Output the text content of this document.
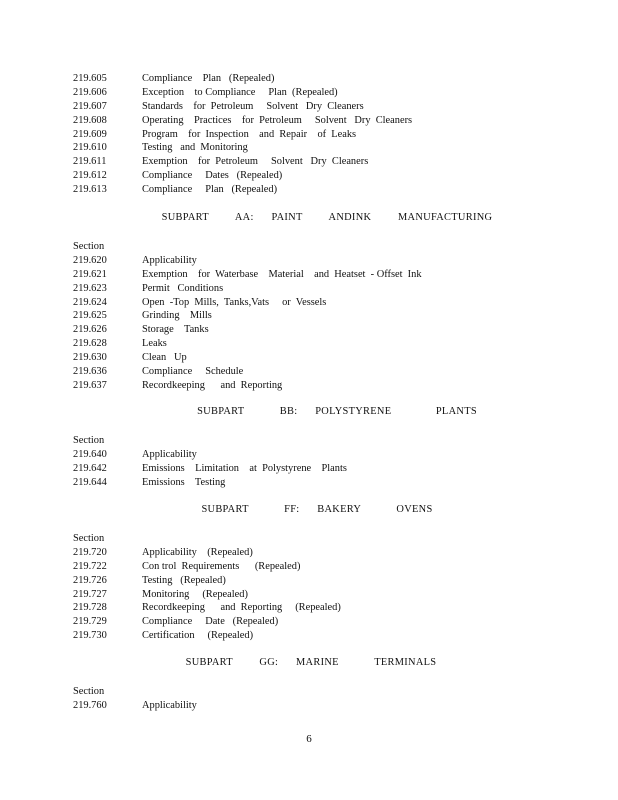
219.605	Compliance    Plan   (Repealed)
219.606	Exception    to Compliance     Plan  (Repealed)
219.607	Standards    for  Petroleum     Solvent   Dry  Cleaners
219.608	Operating    Practices    for  Petroleum     Solvent   Dry  Cleaners
219.609	Program    for  Inspection    and  Repair    of  Leaks
219.610	Testing   and  Monitoring
219.611	Exemption    for  Petroleum     Solvent   Dry  Cleaners
219.612	Compliance     Dates   (Repealed)
219.613	Compliance     Plan   (Repealed)
SUBPART   AA:  PAINT   ANDINK   MANUFACTURING
Section
219.620	Applicability
219.621	Exemption    for  Waterbase    Material    and  Heatset  - Offset  Ink
219.623	Permit   Conditions
219.624	Open  -Top  Mills,  Tanks,Vats     or  Vessels
219.625	Grinding    Mills
219.626	Storage    Tanks
219.628	Leaks
219.630	Clean   Up
219.636	Compliance     Schedule
219.637	Recordkeeping      and  Reporting
SUBPART    BB:  POLYSTYRENE     PLANTS
Section
219.640	Applicability
219.642	Emissions    Limitation    at  Polystyrene    Plants
219.644	Emissions    Testing
SUBPART    FF:  BAKERY    OVENS
Section
219.720	Applicability    (Repealed)
219.722	Con trol  Requirements      (Repealed)
219.726	Testing   (Repealed)
219.727	Monitoring     (Repealed)
219.728	Recordkeeping      and  Reporting     (Repealed)
219.729	Compliance     Date   (Repealed)
219.730	Certification     (Repealed)
SUBPART   GG:  MARINE    TERMINALS
Section
219.760	Applicability
6
